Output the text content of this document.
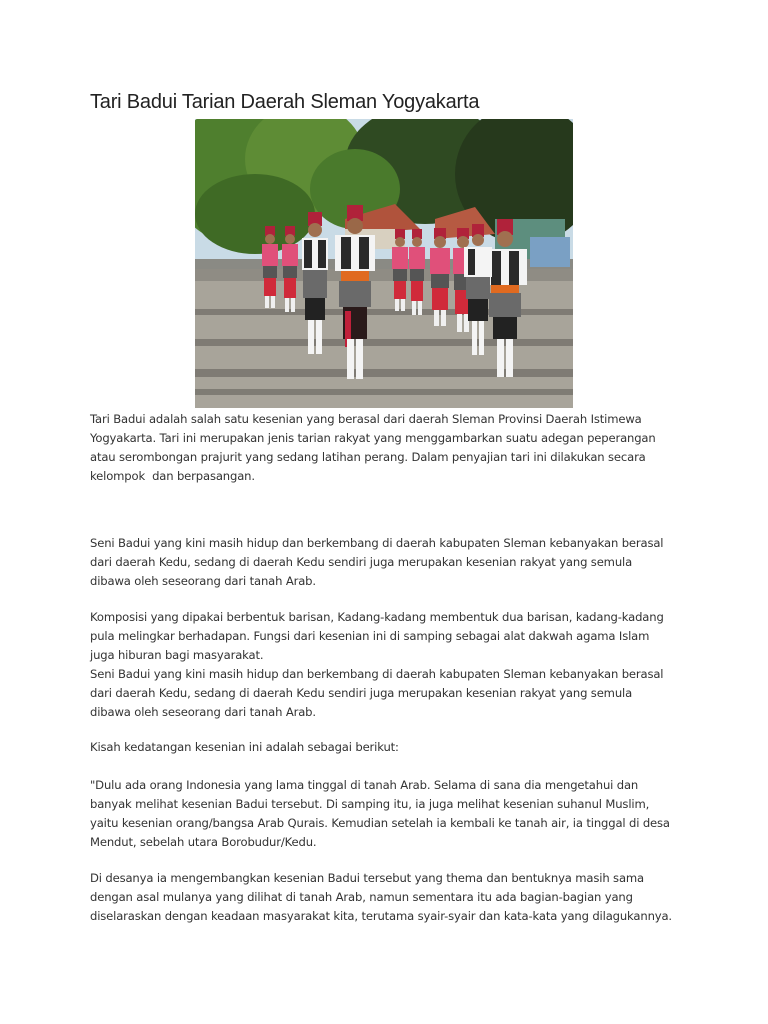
Tari Badui Tarian Daerah Sleman Yogyakarta
Tari Badui adalah salah satu kesenian yang berasal dari daerah Sleman Provinsi Daerah Istimewa
Yogyakarta. Tari ini merupakan jenis tarian rakyat yang menggambarkan suatu adegan peperangan
atau serombongan prajurit yang sedang latihan perang. Dalam penyajian tari ini dilakukan secara
kelompok  dan berpasangan.
Seni Badui yang kini masih hidup dan berkembang di daerah kabupaten Sleman kebanyakan berasal
dari daerah Kedu, sedang di daerah Kedu sendiri juga merupakan kesenian rakyat yang semula
dibawa oleh seseorang dari tanah Arab.
Komposisi yang dipakai berbentuk barisan, Kadang-kadang membentuk dua barisan, kadang-kadang
pula melingkar berhadapan. Fungsi dari kesenian ini di samping sebagai alat dakwah agama Islam
juga hiburan bagi masyarakat.
Seni Badui yang kini masih hidup dan berkembang di daerah kabupaten Sleman kebanyakan berasal
dari daerah Kedu, sedang di daerah Kedu sendiri juga merupakan kesenian rakyat yang semula
dibawa oleh seseorang dari tanah Arab.
Kisah kedatangan kesenian ini adalah sebagai berikut:
"Dulu ada orang Indonesia yang lama tinggal di tanah Arab. Selama di sana dia mengetahui dan
banyak melihat kesenian Badui tersebut. Di samping itu, ia juga melihat kesenian suhanul Muslim,
yaitu kesenian orang/bangsa Arab Qurais. Kemudian setelah ia kembali ke tanah air, ia tinggal di desa
Mendut, sebelah utara Borobudur/Kedu.
Di desanya ia mengembangkan kesenian Badui tersebut yang thema dan bentuknya masih sama
dengan asal mulanya yang dilihat di tanah Arab, namun sementara itu ada bagian-bagian yang
diselaraskan dengan keadaan masyarakat kita, terutama syair-syair dan kata-kata yang dilagukannya.
